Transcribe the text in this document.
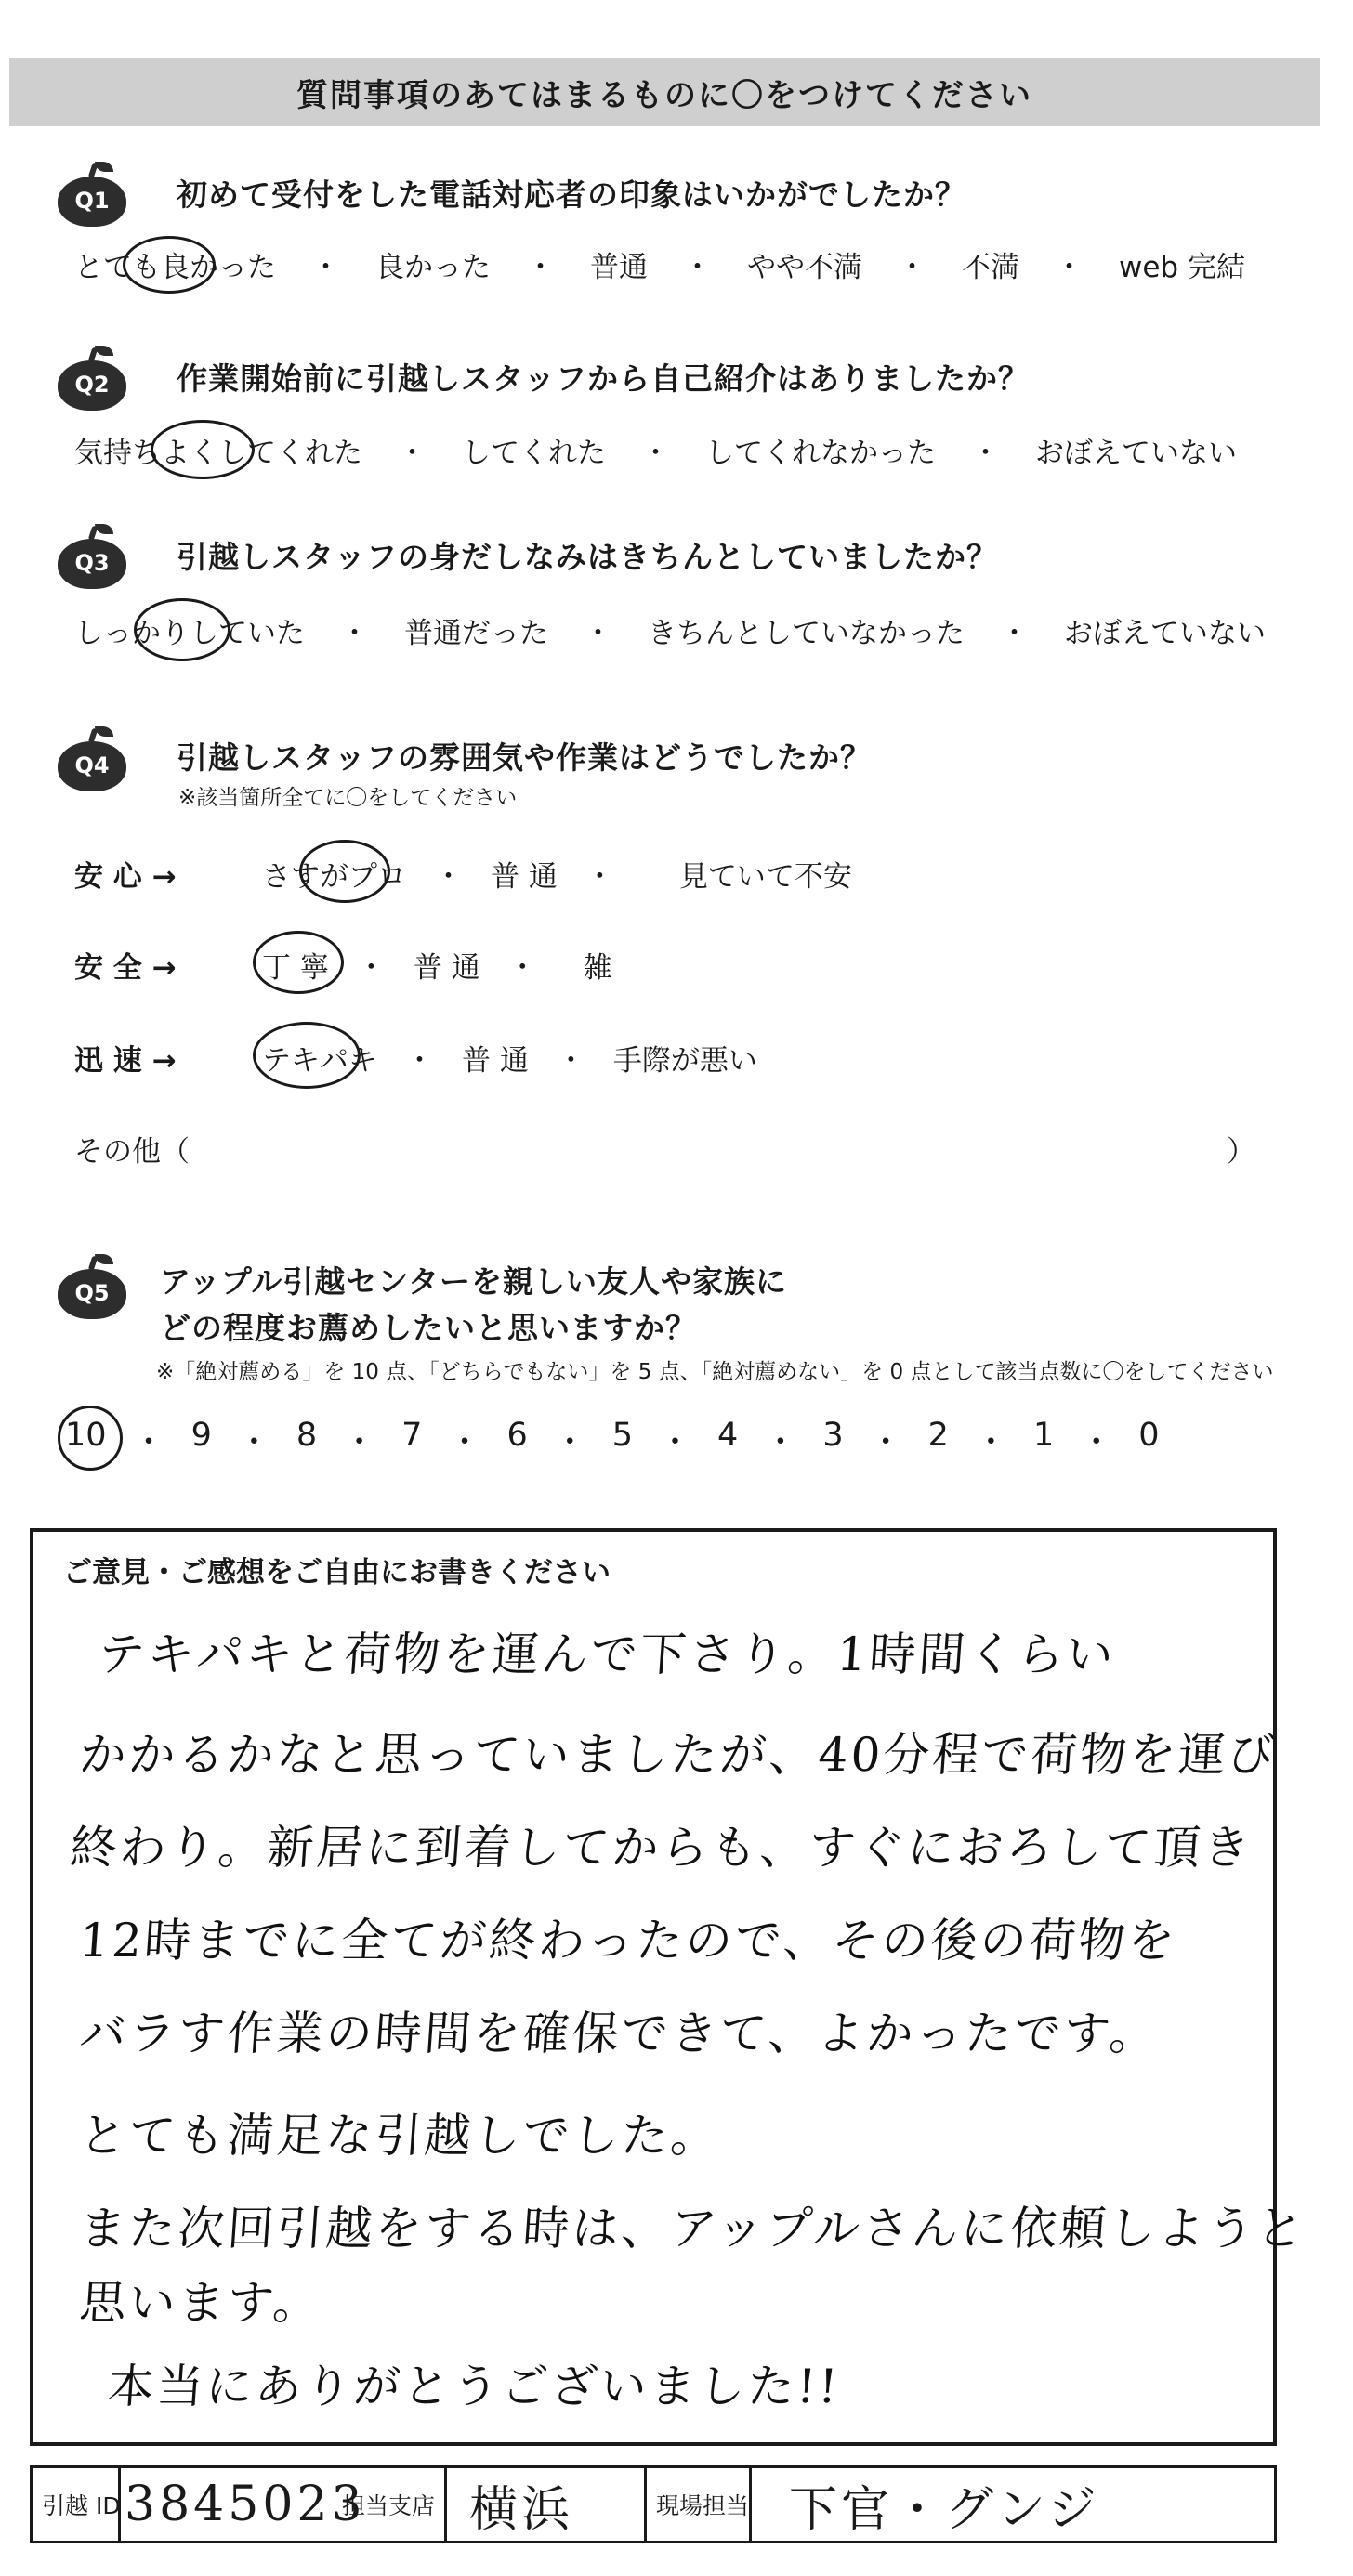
質問事項のあてはまるものに〇をつけてください
Q1	初めて受付をした電話対応者の印象はいかがでしたか？
とても良かった ・ 良かった ・ 普通 ・ やや不満 ・ 不満 ・ web 完結
Q2	作業開始前に引越しスタッフから自己紹介はありましたか？
気持ちよくしてくれた ・ してくれた ・ してくれなかった ・ おぼえていない
Q3	引越しスタッフの身だしなみはきちんとしていましたか？
しっかりしていた ・ 普通だった ・ きちんとしていなかった ・ おぼえていない
Q4	引越しスタッフの雰囲気や作業はどうでしたか？
※該当箇所全てに〇をしてください
安 心 →	さすがプロ ・ 普 通 ・ 見ていて不安
安 全 →	丁 寧 ・ 普 通 ・ 雑
迅 速 →	テキパキ ・ 普 通 ・ 手際が悪い
その他（	）
Q5	アップル引越センターを親しい友人や家族に
どの程度お薦めしたいと思いますか？
※「絶対薦める」を 10 点、「どちらでもない」を 5 点、「絶対薦めない」を 0 点として該当点数に〇をしてください
10 ・ 9 ・ 8 ・ 7 ・ 6 ・ 5 ・ 4 ・ 3 ・ 2 ・ 1 ・ 0
ご意見・ご感想をご自由にお書きください
テキパキと荷物を運んで下さり。1時間くらい
かかるかなと思っていましたが、40分程で荷物を運び
終わり。新居に到着してからも、すぐにおろして頂き
12時までに全てが終わったので、その後の荷物を
バラす作業の時間を確保できて、よかったです。
とても満足な引越しでした。
また次回引越をする時は、アップルさんに依頼しようと
思います。
本当にありがとうございました!!
引越 ID 3845023
担当支店 横浜	現場担当 下官・グンジ
